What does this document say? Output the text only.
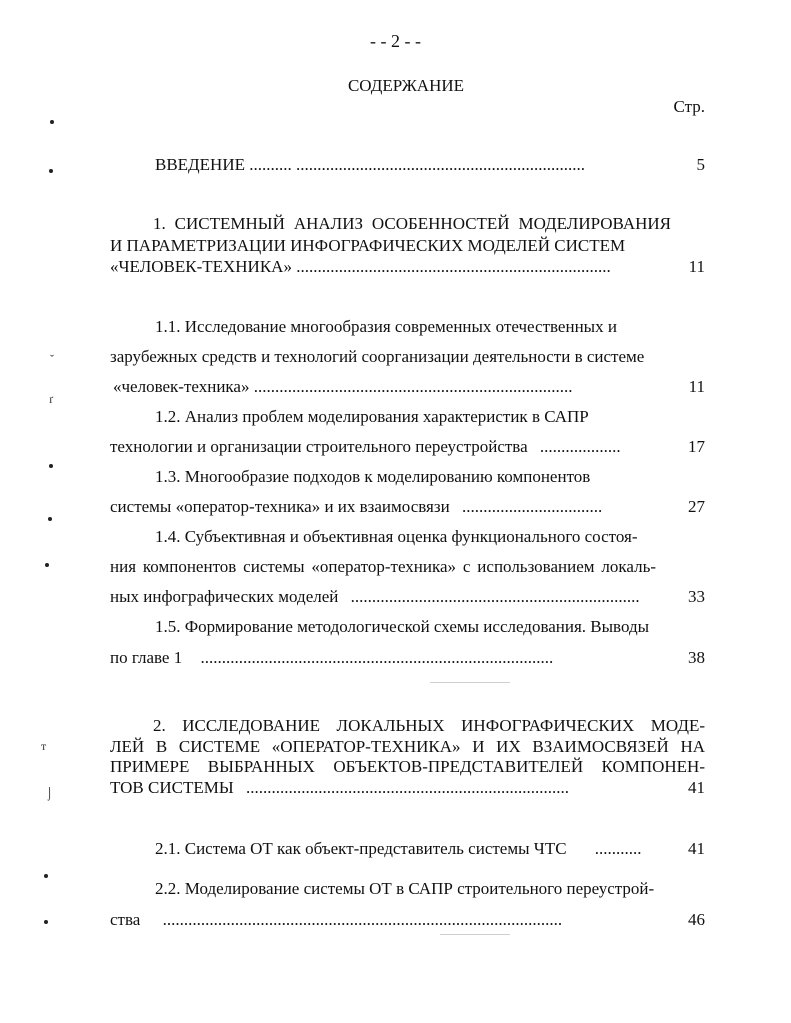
ˇ
ґ
ᴛ
⌡
- - 2 - -
СОДЕРЖАНИЕ
Стр.
ВВЕДЕНИЕ .......... ....................................................................	5
1. СИСТЕМНЫЙ АНАЛИЗ ОСОБЕННОСТЕЙ МОДЕЛИРОВАНИЯ
И ПАРАМЕТРИЗАЦИИ ИНФОГРАФИЧЕСКИХ МОДЕЛЕЙ СИСТЕМ
«ЧЕЛОВЕК-ТЕХНИКА» ..........................................................................	11
1.1. Исследование многообразия современных отечественных и
зарубежных средств и технологий соорганизации деятельности в системе
«человек-техника» ...........................................................................	11
1.2. Анализ проблем моделирования характеристик в САПР
технологии и организации строительного переустройства ...................	17
1.3. Многообразие подходов к моделированию компонентов
системы «оператор-техника» и их взаимосвязи .................................	27
1.4. Субъективная и объективная оценка функционального состоя-
ния компонентов системы «оператор-техника» с использованием локаль-
ных инфографических моделей ....................................................................	33
1.5. Формирование методологической схемы исследования. Выводы
по главе 1 ...................................................................................	38
2. ИССЛЕДОВАНИЕ ЛОКАЛЬНЫХ ИНФОГРАФИЧЕСКИХ МОДЕ-
ЛЕЙ В СИСТЕМЕ «ОПЕРАТОР-ТЕХНИКА» И ИХ ВЗАИМОСВЯЗЕЙ НА
ПРИМЕРЕ ВЫБРАННЫХ ОБЪЕКТОВ-ПРЕДСТАВИТЕЛЕЙ КОМПОНЕН-
ТОВ СИСТЕМЫ ............................................................................	41
2.1. Система ОТ как объект-представитель системы ЧТС ...........	41
2.2. Моделирование системы ОТ в САПР строительного переустрой-
ства ..............................................................................................	46
